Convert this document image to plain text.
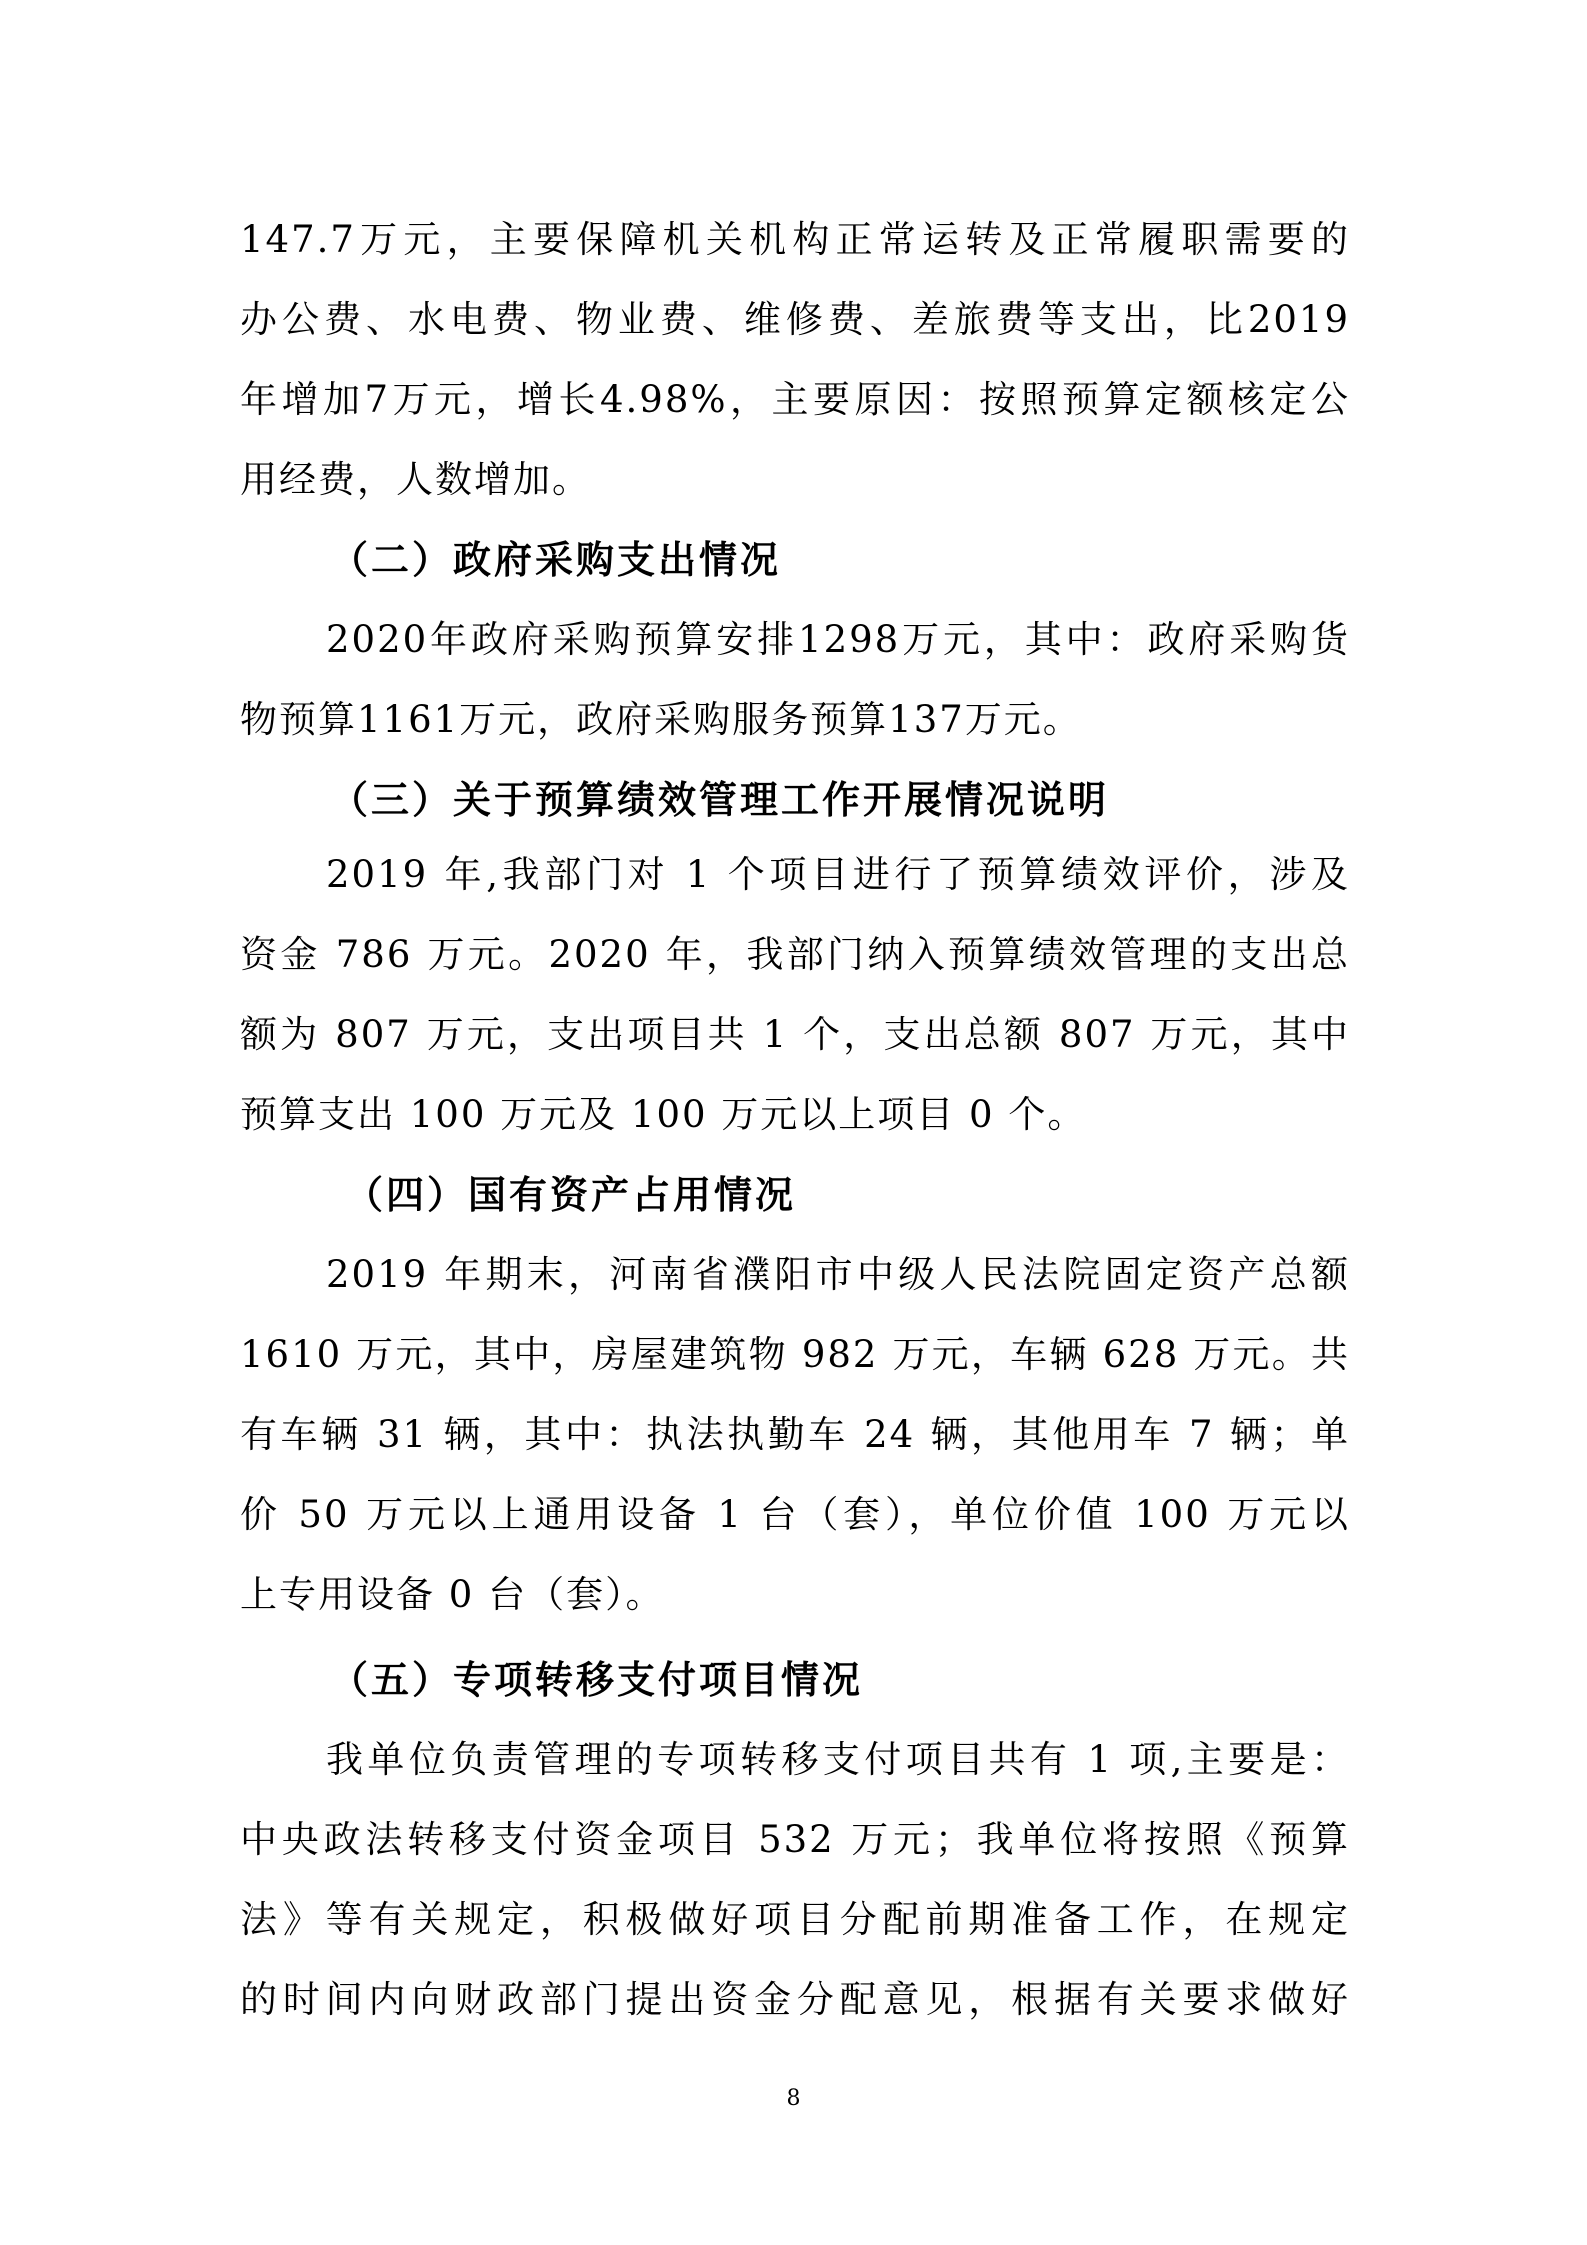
147.7万元，主要保障机关机构正常运转及正常履职需要的
办公费、水电费、物业费、维修费、差旅费等支出，比2019
年增加7万元，增长4.98%，主要原因：按照预算定额核定公
用经费，人数增加。
（二）政府采购支出情况
2020年政府采购预算安排1298万元，其中：政府采购货
物预算1161万元，政府采购服务预算137万元。
（三）关于预算绩效管理工作开展情况说明
2019 年,我部门对 1 个项目进行了预算绩效评价，涉及
资金 786 万元。2020 年，我部门纳入预算绩效管理的支出总
额为 807 万元，支出项目共 1 个，支出总额 807 万元，其中
预算支出 100 万元及 100 万元以上项目 0 个。
（四）国有资产占用情况
2019 年期末，河南省濮阳市中级人民法院固定资产总额
1610 万元，其中，房屋建筑物 982 万元，车辆 628 万元。共
有车辆 31 辆，其中：执法执勤车 24 辆，其他用车 7 辆；单
价 50 万元以上通用设备 1 台（套），单位价值 100 万元以
上专用设备 0 台（套）。
（五）专项转移支付项目情况
我单位负责管理的专项转移支付项目共有 1 项,主要是：
中央政法转移支付资金项目 532 万元；我单位将按照《预算
法》等有关规定，积极做好项目分配前期准备工作，在规定
的时间内向财政部门提出资金分配意见，根据有关要求做好
8
